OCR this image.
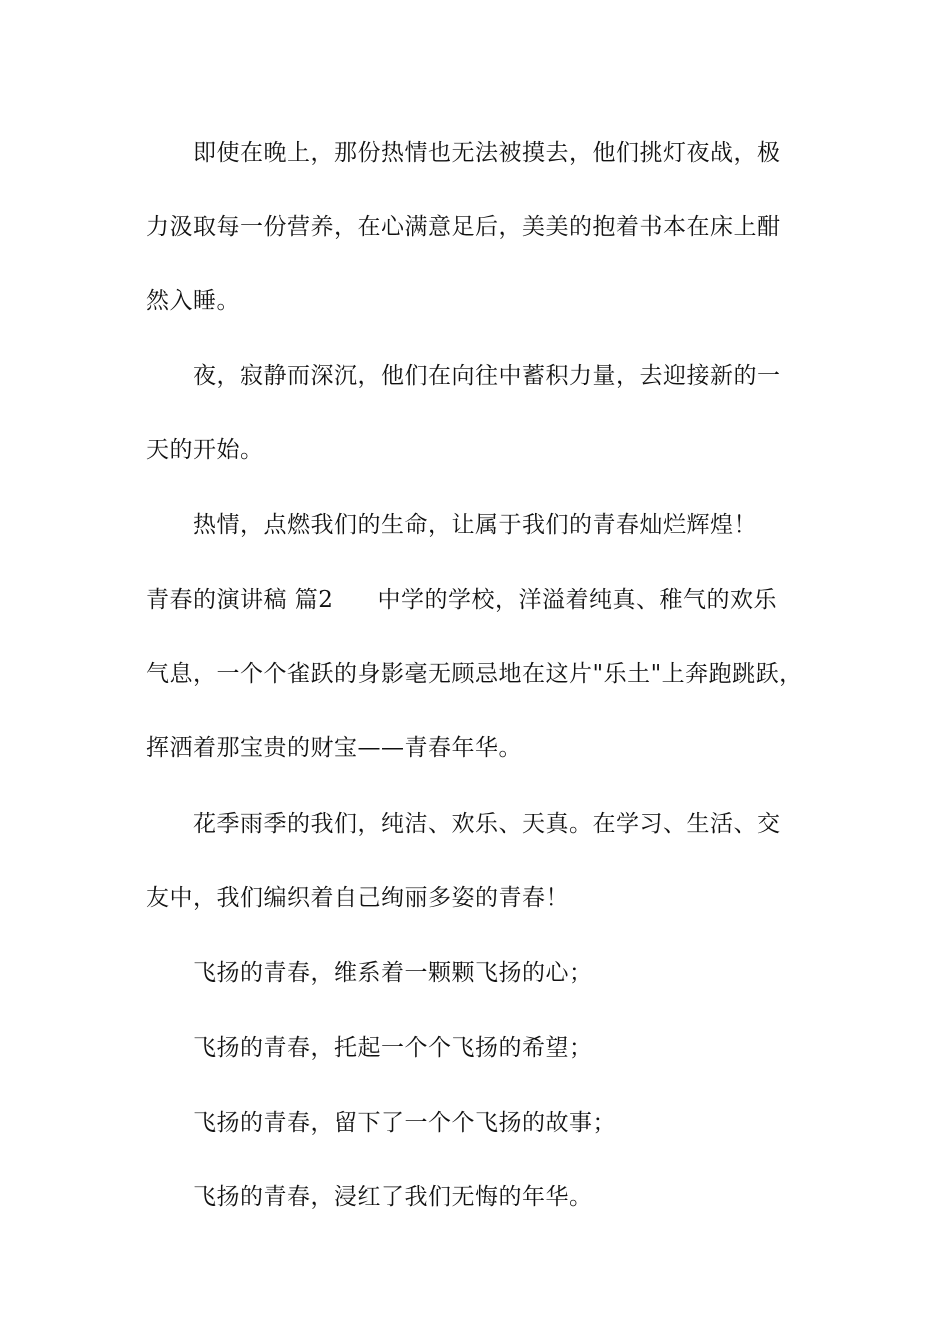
即使在晚上，那份热情也无法被摸去，他们挑灯夜战，极
力汲取每一份营养，在心满意足后，美美的抱着书本在床上酣
然入睡。
夜，寂静而深沉，他们在向往中蓄积力量，去迎接新的一
天的开始。
热情，点燃我们的生命，让属于我们的青春灿烂辉煌！
青春的演讲稿 篇2 中学的学校，洋溢着纯真、稚气的欢乐
气息，一个个雀跃的身影毫无顾忌地在这片"乐土"上奔跑跳跃，
挥洒着那宝贵的财宝——青春年华。
花季雨季的我们，纯洁、欢乐、天真。在学习、生活、交
友中，我们编织着自己绚丽多姿的青春！
飞扬的青春，维系着一颗颗飞扬的心；
飞扬的青春，托起一个个飞扬的希望；
飞扬的青春，留下了一个个飞扬的故事；
飞扬的青春，浸红了我们无悔的年华。
